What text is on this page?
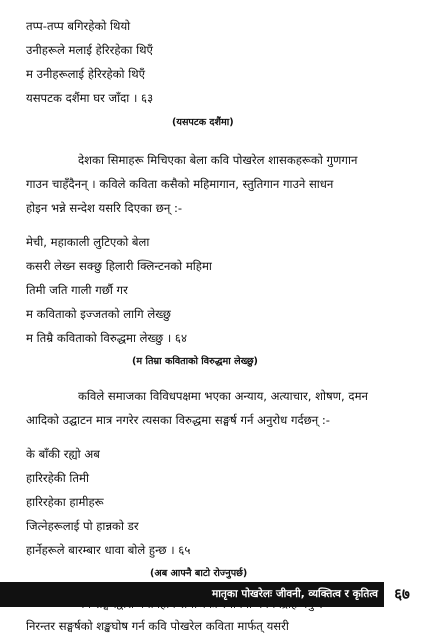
तप्प-तप्प बगिरहेको थियो
उनीहरूले मलाई हेरिरहेका थिएँ
म उनीहरूलाई हेरिरहेको थिएँ
यसपटक दशैंमा घर जाँदा । ६३
(यसपटक दशैंमा)
देशका सिमाहरू मिचिएका बेला कवि पोखरेल शासकहरूको गुणगान
गाउन चाहँदैनन् । कविले कविता कसैको महिमागान, स्तुतिगान गाउने साधन
होइन भन्ने सन्देश यसरि दिएका छन् :-
मेची, महाकाली लुटिएको बेला
कसरी लेख्न सक्छु हिलारी क्लिन्टनको महिमा
तिमी जति गाली गर्छौ गर
म कविताको इज्जतको लागि लेख्छु
म तिम्रै कविताको विरुद्धमा लेख्छु । ६४
(म तिम्रा कविताको विरुद्धमा लेख्छु)
कविले समाजका विविधपक्षमा भएका अन्याय, अत्याचार, शोषण, दमन
आदिको उद्घाटन मात्र नगरेर त्यसका विरुद्धमा सङ्घर्ष गर्न अनुरोध गर्दछन् :-
के बाँकी रह्यो अब
हारिरहेकी तिमी
हारिरहेका हामीहरू
जित्नेहरूलाई पो हान्नको डर
हार्नेहरूले बारम्बार धावा बोले हुन्छ । ६५
(अब आफ्नै बाटो रोज्नुपर्छ)
निरन्तर सङ्घर्षको शङ्खघोष गर्न कवि पोखरेल कविता मार्फत् यसरी
मातृका पोखरेलः जीवनी, व्यक्तित्व र कृतित्व	६७
